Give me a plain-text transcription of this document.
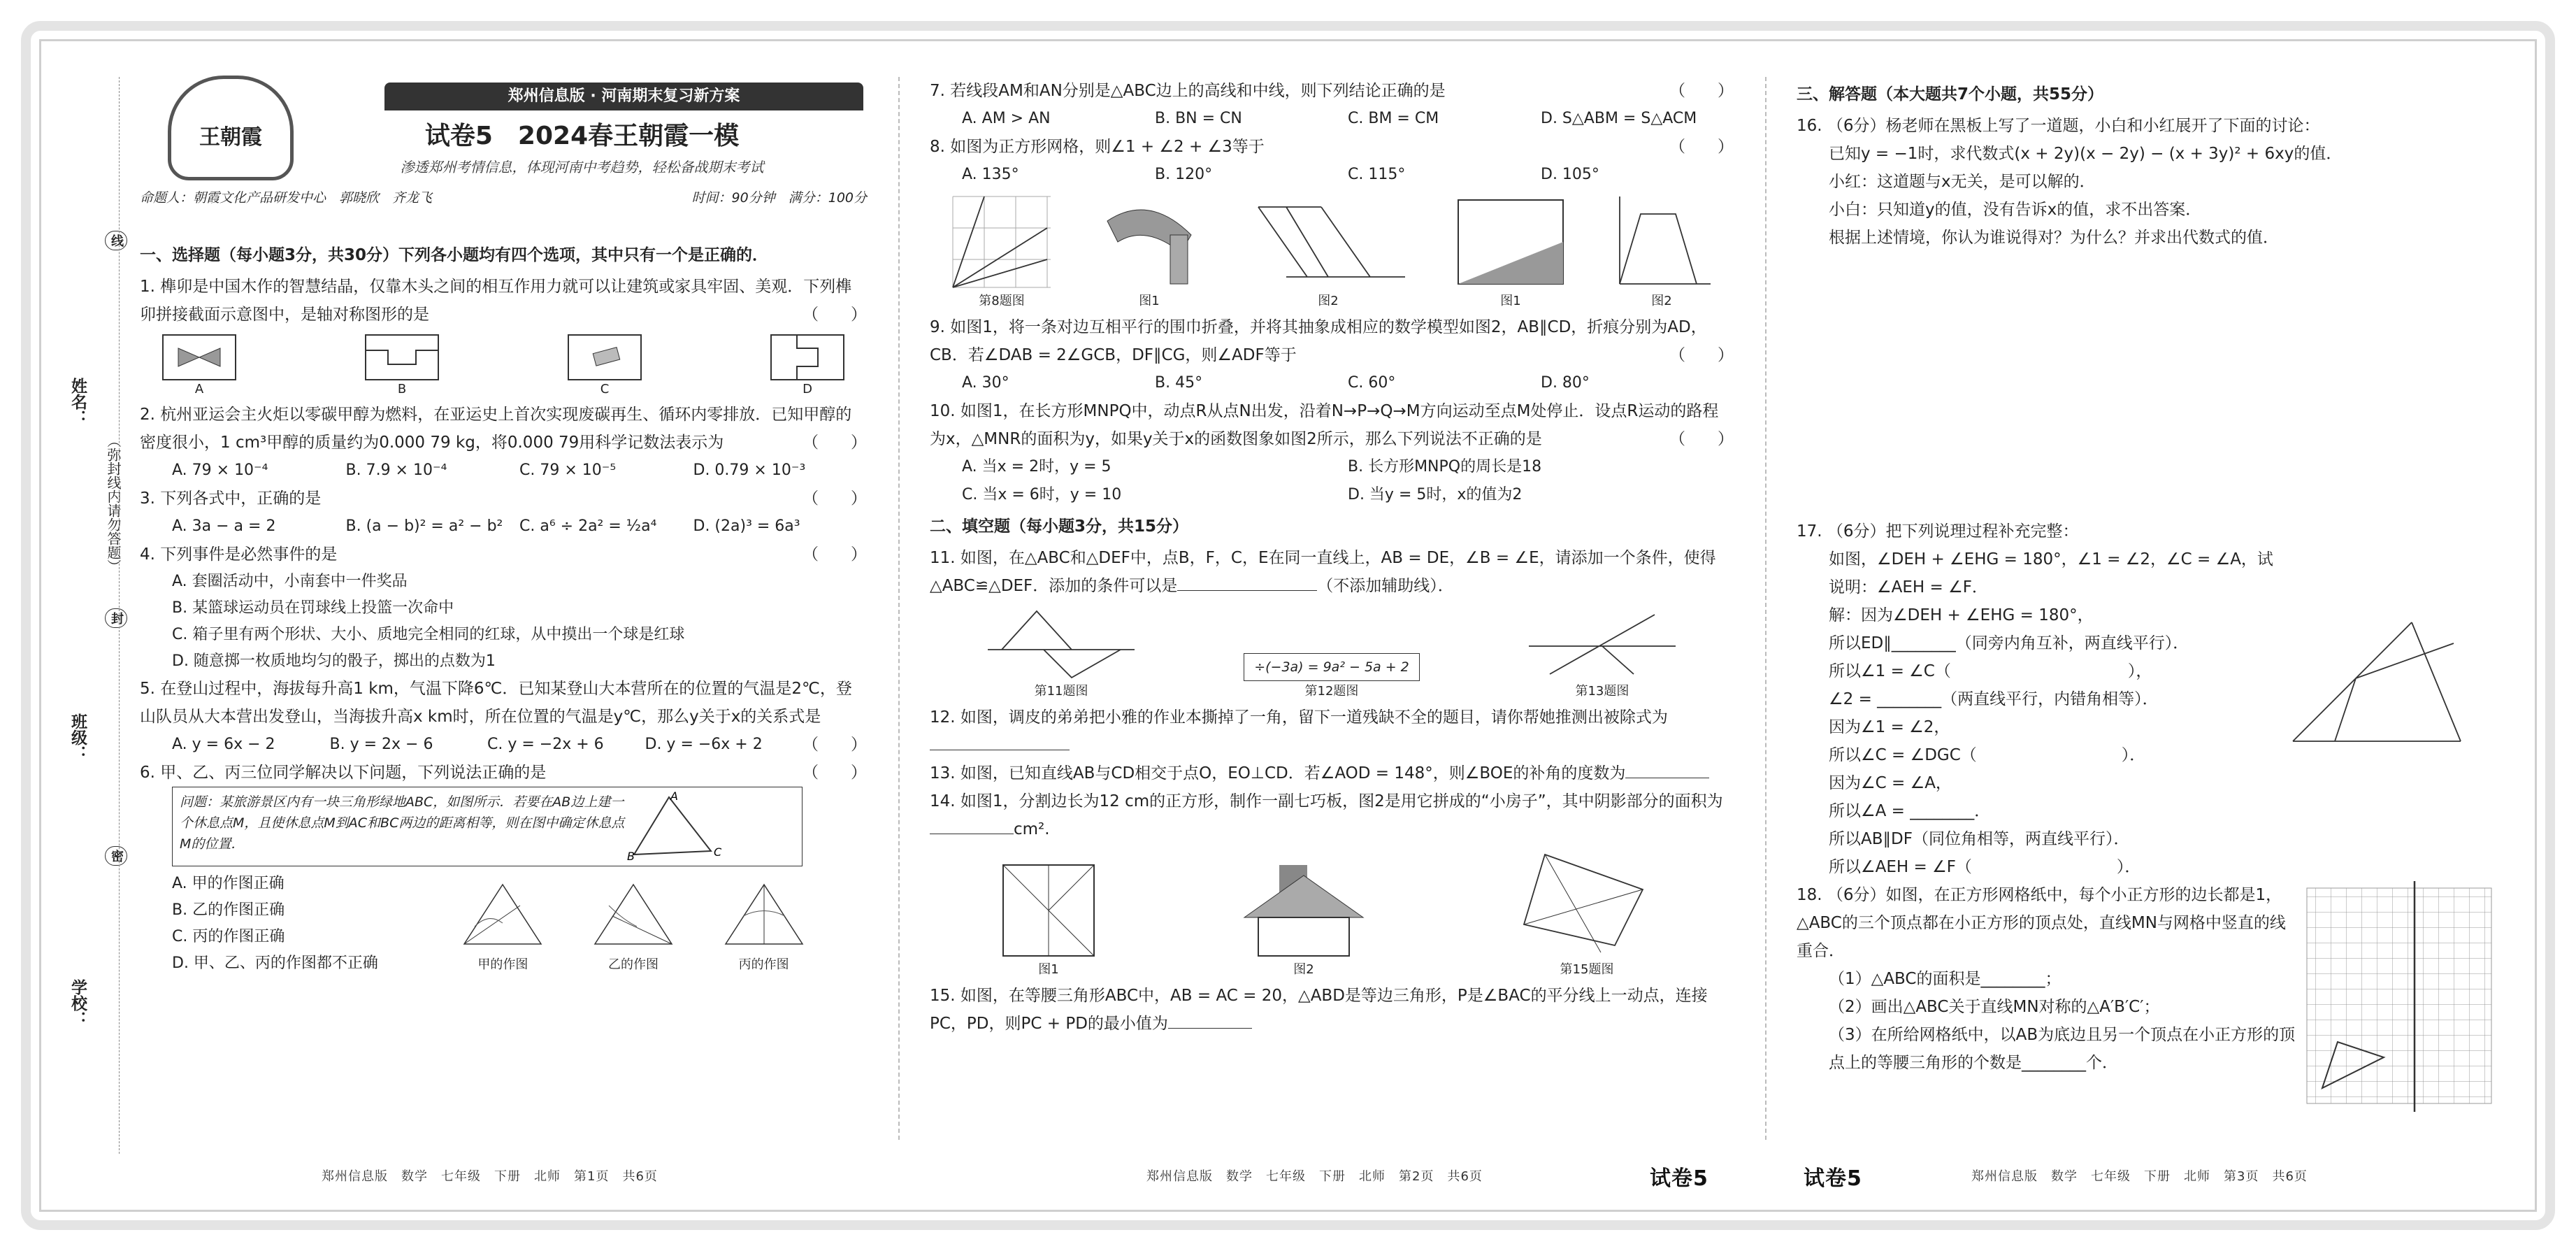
姓名：
班级：
学校：
（弥封线内请勿答题）
线
封
密
王朝霞
郑州信息版 · 河南期末复习新方案
试卷5　2024春王朝霞一模
渗透郑州考情信息，体现河南中考趋势，轻松备战期末考试
命题人：朝霞文化产品研发中心　郭晓欣　齐龙飞	时间：90分钟　满分：100分

一、选择题（每小题3分，共30分）下列各小题均有四个选项，其中只有一个是正确的．

1. 榫卯是中国木作的智慧结晶，仅靠木头之间的相互作用力就可以让建筑或家具牢固、美观．下列榫卯拼接截面示意图中，是轴对称图形的是	（　　）

A	B	C	D

2. 杭州亚运会主火炬以零碳甲醇为燃料，在亚运史上首次实现废碳再生、循环内零排放．已知甲醇的密度很小，1 cm³甲醇的质量约为0.000 79 kg，将0.000 79用科学记数法表示为	（　　）

A. 79 × 10⁻⁴	B. 7.9 × 10⁻⁴	C. 79 × 10⁻⁵	D. 0.79 × 10⁻³

3. 下列各式中，正确的是	（　　）

A. 3a − a = 2	B. (a − b)² = a² − b²	C. a⁶ ÷ 2a² = ½a⁴	D. (2a)³ = 6a³

4. 下列事件是必然事件的是	（　　）

A. 套圈活动中，小南套中一件奖品
B. 某篮球运动员在罚球线上投篮一次命中
C. 箱子里有两个形状、大小、质地完全相同的红球，从中摸出一个球是红球
D. 随意掷一枚质地均匀的骰子，掷出的点数为1

5. 在登山过程中，海拔每升高1 km，气温下降6℃．已知某登山大本营所在的位置的气温是2℃，登山队员从大本营出发登山，当海拔升高x km时，所在位置的气温是y℃，那么y关于x的关系式是
（　　）

A. y = 6x − 2	B. y = 2x − 6	C. y = −2x + 6	D. y = −6x + 2

6. 甲、乙、丙三位同学解决以下问题，下列说法正确的是	（　　）

问题：某旅游景区内有一块三角形绿地ABC，如图所示．若要在AB边上建一个休息点M，且使休息点M到AC和BC两边的距离相等，则在图中确定休息点M的位置．
A
B	C
A. 甲的作图正确
B. 乙的作图正确
C. 丙的作图正确
D. 甲、乙、丙的作图都不正确	甲的作图	乙的作图	丙的作图

7. 若线段AM和AN分别是△ABC边上的高线和中线，则下列结论正确的是	（　　）

A. AM > AN	B. BN = CN	C. BM = CM	D. S△ABM = S△ACM

8. 如图为正方形网格，则∠1 + ∠2 + ∠3等于	（　　）

A. 135°	B. 120°	C. 115°	D. 105°
第8题图	图1	图2	图1	图2

9. 如图1，将一条对边互相平行的围巾折叠，并将其抽象成相应的数学模型如图2，AB∥CD，折痕分别为AD，CB．若∠DAB = 2∠GCB，DF∥CG，则∠ADF等于	（　　）

A. 30°	B. 45°	C. 60°	D. 80°

10. 如图1，在长方形MNPQ中，动点R从点N出发，沿着N→P→Q→M方向运动至点M处停止．设点R运动的路程为x，△MNR的面积为y，如果y关于x的函数图象如图2所示，那么下列说法不正确的是	（　　）

A. 当x = 2时，y = 5	B. 长方形MNPQ的周长是18
C. 当x = 6时，y = 10	D. 当y = 5时，x的值为2

二、填空题（每小题3分，共15分）

11. 如图，在△ABC和△DEF中，点B，F，C，E在同一直线上，AB = DE，∠B = ∠E，请添加一个条件，使得△ABC≌△DEF．添加的条件可以是	（不添加辅助线）．

第11题图
÷(−3a) = 9a² − 5a + 2
第12题图	第13题图

12. 如图，调皮的弟弟把小雅的作业本撕掉了一角，留下一道残缺不全的题目，请你帮她推测出被除式为

13. 如图，已知直线AB与CD相交于点O，EO⊥CD．若∠AOD = 148°，则∠BOE的补角的度数为

14. 如图1，分割边长为12 cm的正方形，制作一副七巧板，图2是用它拼成的“小房子”，其中阴影部分的面积为cm².

图1	图2	第15题图

15. 如图，在等腰三角形ABC中，AB = AC = 20，△ABD是等边三角形，P是∠BAC的平分线上一动点，连接PC，PD，则PC + PD的最小值为

三、解答题（本大题共7个小题，共55分）

16. （6分）杨老师在黑板上写了一道题，小白和小红展开了下面的讨论：

已知y = −1时，求代数式(x + 2y)(x − 2y) − (x + 3y)² + 6xy的值．

小红：这道题与x无关，是可以解的．

小白：只知道y的值，没有告诉x的值，求不出答案．

根据上述情境，你认为谁说得对？为什么？并求出代数式的值．

17. （6分）把下列说理过程补充完整：

如图，∠DEH + ∠EHG = 180°，∠1 = ∠2，∠C = ∠A，试说明：∠AEH = ∠F．

解：因为∠DEH + ∠EHG = 180°，

所以ED∥________（同旁内角互补，两直线平行）．

所以∠1 = ∠C（　　　　　　　　　　　），

∠2 = ________（两直线平行，内错角相等）．

因为∠1 = ∠2，

所以∠C = ∠DGC（　　　　　　　　　）．

因为∠C = ∠A，

所以∠A = ________．

所以AB∥DF（同位角相等，两直线平行）．

所以∠AEH = ∠F（　　　　　　　　　）．

18. （6分）如图，在正方形网格纸中，每个小正方形的边长都是1，△ABC的三个顶点都在小正方形的顶点处，直线MN与网格中竖直的线重合．

（1）△ABC的面积是________；

（2）画出△ABC关于直线MN对称的△A′B′C′；

（3）在所给网格纸中，以AB为底边且另一个顶点在小正方形的顶点上的等腰三角形的个数是________个．

郑州信息版　数学　七年级　下册　北师　第1页　共6页	郑州信息版　数学　七年级　下册　北师　第2页　共6页	试卷5	试卷5	郑州信息版　数学　七年级　下册　北师　第3页　共6页
